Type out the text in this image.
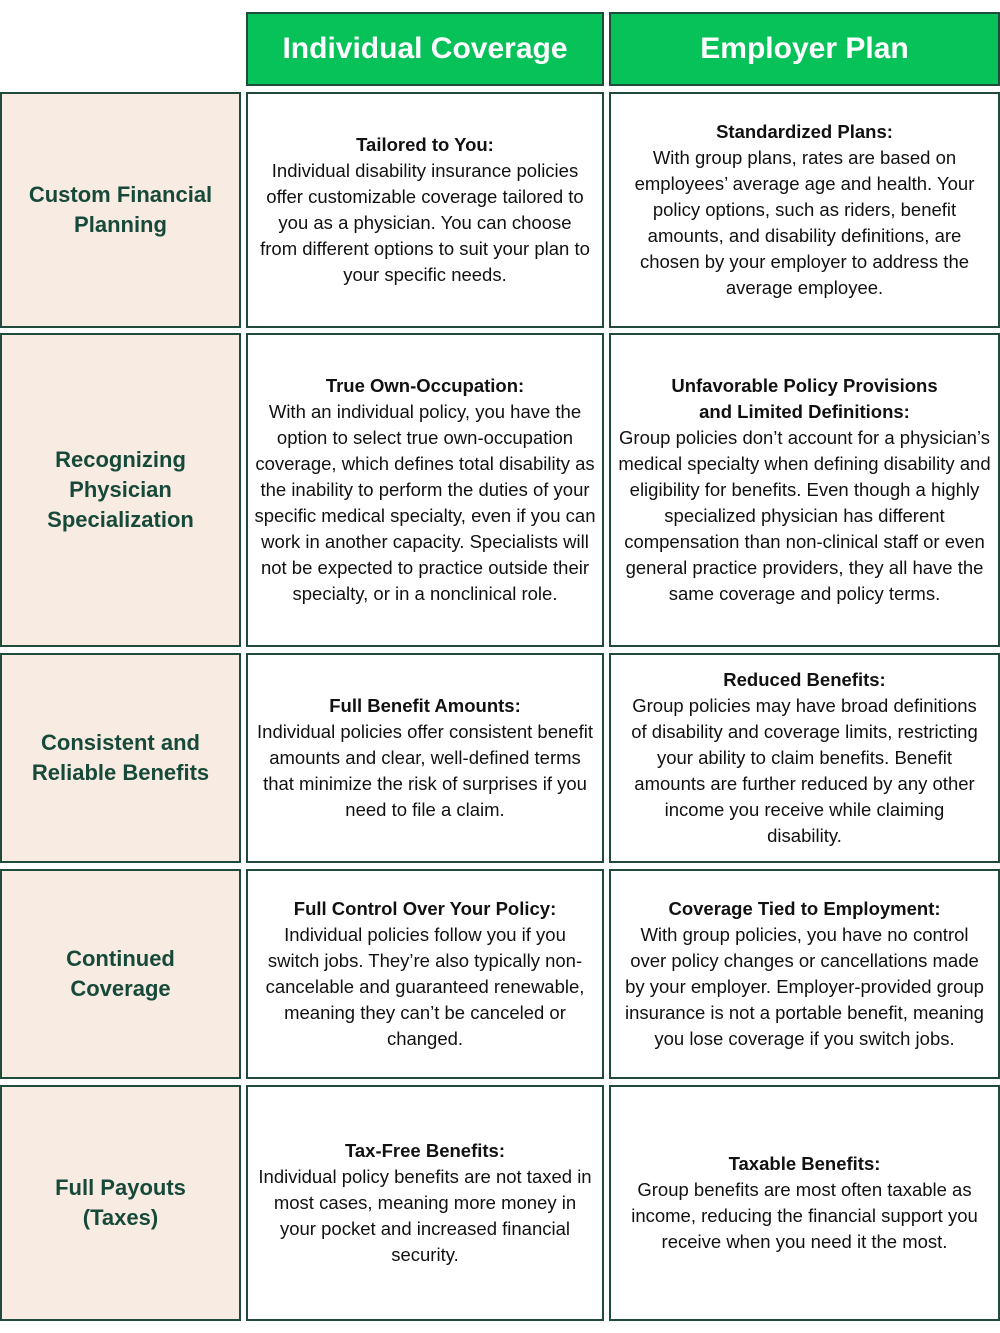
Individual Coverage	Employer Plan
Custom Financial Planning
Tailored to You:
Individual disability insurance policies offer customizable coverage tailored to you as a physician. You can choose from different options to suit your plan to your specific needs.
Standardized Plans:
With group plans, rates are based on employees’ average age and health. Your policy options, such as riders, benefit amounts, and disability definitions, are chosen by your employer to address the average employee.
Recognizing Physician Specialization
True Own-Occupation:
With an individual policy, you have the option to select true own-occupation coverage, which defines total disability as the inability to perform the duties of your specific medical specialty, even if you can work in another capacity. Specialists will not be expected to practice outside their specialty, or in a nonclinical role.
Unfavorable Policy Provisions and Limited Definitions:
Group policies don’t account for a physician’s medical specialty when defining disability and eligibility for benefits. Even though a highly specialized physician has different compensation than non-clinical staff or even general practice providers, they all have the same coverage and policy terms.
Consistent and Reliable Benefits
Full Benefit Amounts:
Individual policies offer consistent benefit amounts and clear, well-defined terms that minimize the risk of surprises if you need to file a claim.
Reduced Benefits:
Group policies may have broad definitions of disability and coverage limits, restricting your ability to claim benefits. Benefit amounts are further reduced by any other income you receive while claiming disability.
Continued Coverage
Full Control Over Your Policy:
Individual policies follow you if you switch jobs. They’re also typically non-cancelable and guaranteed renewable, meaning they can’t be canceled or changed.
Coverage Tied to Employment:
With group policies, you have no control over policy changes or cancellations made by your employer. Employer-provided group insurance is not a portable benefit, meaning you lose coverage if you switch jobs.
Full Payouts (Taxes)
Tax-Free Benefits:
Individual policy benefits are not taxed in most cases, meaning more money in your pocket and increased financial security.
Taxable Benefits:
Group benefits are most often taxable as income, reducing the financial support you receive when you need it the most.
